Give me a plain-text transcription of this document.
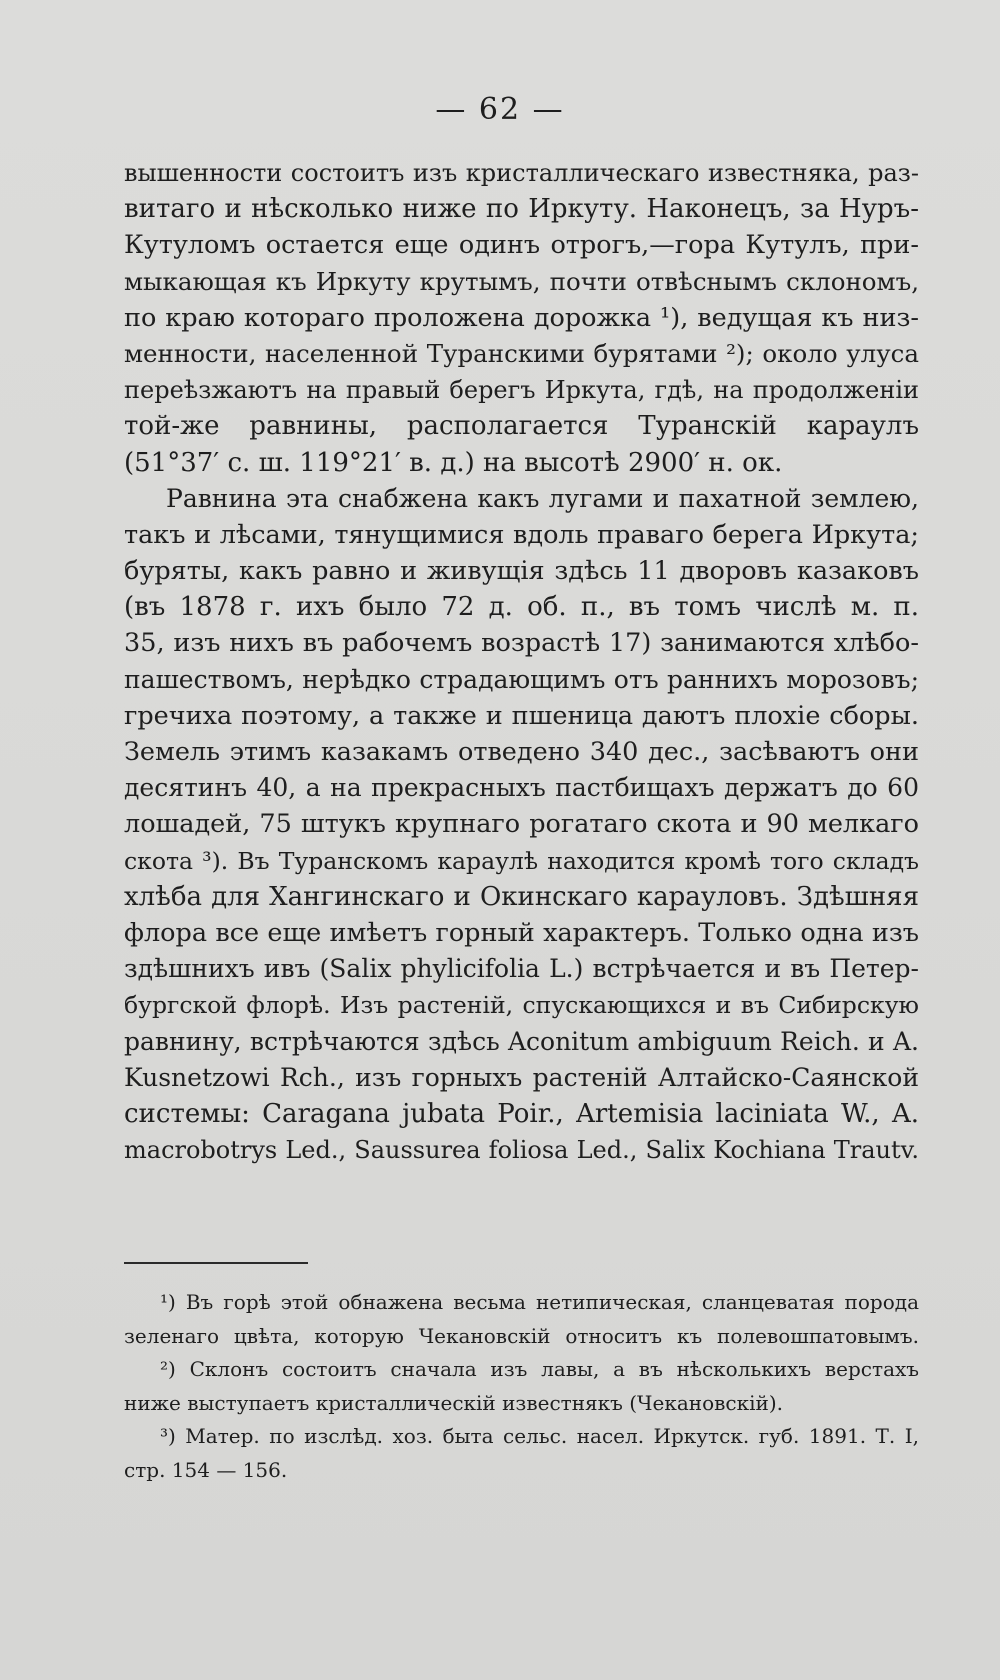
— 62 —
вышенности состоитъ изъ кристаллическаго известняка, раз-
витаго и нѣсколько ниже по Иркуту. Наконецъ, за Нуръ-
Кутуломъ остается еще одинъ отрогъ,—гора Кутулъ, при-
мыкающая къ Иркуту крутымъ, почти отвѣснымъ склономъ,
по краю котораго проложена дорожка ¹), ведущая къ низ-
менности, населенной Туранскими бурятами ²); около улуса
переѣзжаютъ на правый берегъ Иркута, гдѣ, на продолженiи
той-же равнины, располагается Туранскiй караулъ
(51°37′ с. ш. 119°21′ в. д.) на высотѣ 2900′ н. ок.
Равнина эта снабжена какъ лугами и пахатной землею,
такъ и лѣсами, тянущимися вдоль праваго берега Иркута;
буряты, какъ равно и живущiя здѣсь 11 дворовъ казаковъ
(въ 1878 г. ихъ было 72 д. об. п., въ томъ числѣ м. п.
35, изъ нихъ въ рабочемъ возрастѣ 17) занимаются хлѣбо-
пашествомъ, нерѣдко страдающимъ отъ раннихъ морозовъ;
гречиха поэтому, а также и пшеница даютъ плохiе сборы.
Земель этимъ казакамъ отведено 340 дес., засѣваютъ они
десятинъ 40, а на прекрасныхъ пастбищахъ держатъ до 60
лошадей, 75 штукъ крупнаго рогатаго скота и 90 мелкаго
скота ³). Въ Туранскомъ караулѣ находится кромѣ того складъ
хлѣба для Хангинскаго и Окинскаго карауловъ. Здѣшняя
флора все еще имѣетъ горный характеръ. Только одна изъ
здѣшнихъ ивъ (Salix phylicifolia L.) встрѣчается и въ Петер-
бургской флорѣ. Изъ растенiй, спускающихся и въ Сибирскую
равнину, встрѣчаются здѣсь Aconitum ambiguum Reich. и A.
Kusnetzowi Rch., изъ горныхъ растенiй Алтайско-Саянской
системы: Caragana jubata Poir., Artemisia laciniata W., A.
macrobotrys Led., Saussurea foliosa Led., Salix Kochiana Trautv.
¹) Въ горѣ этой обнажена весьма нетипическая, сланцеватая порода
зеленаго цвѣта, которую Чекановскiй относитъ къ полевошпатовымъ.
²) Склонъ состоитъ сначала изъ лавы, а въ нѣсколькихъ верстахъ
ниже выступаетъ кристаллическiй известнякъ (Чекановскiй).
³) Матер. по изслѣд. хоз. быта сельс. насел. Иркутск. губ. 1891. Т. I,
стр. 154 — 156.
